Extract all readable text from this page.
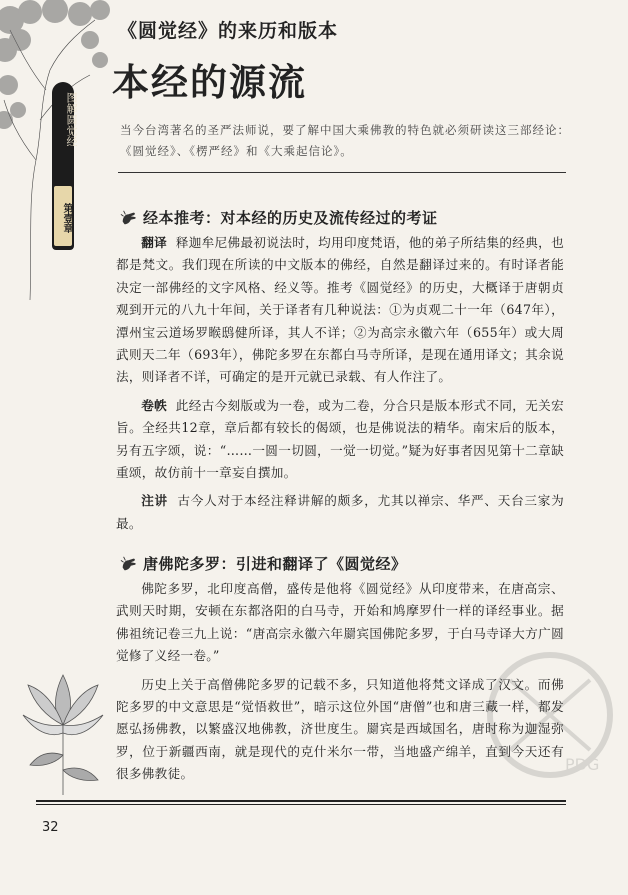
图解圆觉经
第壹章
《圆觉经》的来历和版本
本经的源流
当今台湾著名的圣严法师说，要了解中国大乘佛教的特色就必须研读这三部经论：《圆觉经》、《楞严经》和《大乘起信论》。
经本推考：对本经的历史及流传经过的考证

翻译 释迦牟尼佛最初说法时，均用印度梵语，他的弟子所结集的经典，也都是梵文。我们现在所读的中文版本的佛经，自然是翻译过来的。有时译者能决定一部佛经的文字风格、经义等。推考《圆觉经》的历史，大概译于唐朝贞观到开元的八九十年间，关于译者有几种说法：①为贞观二十一年（647年），潭州宝云道场罗睺鸱健所译，其人不详；②为高宗永徽六年（655年）或大周武则天二年（693年），佛陀多罗在东都白马寺所译，是现在通用译文；其余说法，则译者不详，可确定的是开元就已录载、有人作注了。

卷帙 此经古今刻版或为一卷，或为二卷，分合只是版本形式不同，无关宏旨。全经共12章，章后都有较长的偈颂，也是佛说法的精华。南宋后的版本，另有五字颂，说：“……一圆一切圆，一觉一切觉。”疑为好事者因见第十二章缺重颂，故仿前十一章妄自撰加。

注讲 古今人对于本经注释讲解的颇多，尤其以禅宗、华严、天台三家为最。

唐佛陀多罗：引进和翻译了《圆觉经》

佛陀多罗，北印度高僧，盛传是他将《圆觉经》从印度带来，在唐高宗、武则天时期，安顿在东都洛阳的白马寺，开始和鸠摩罗什一样的译经事业。据佛祖统记卷三九上说：“唐高宗永徽六年罽宾国佛陀多罗，于白马寺译大方广圆觉修了义经一卷。”

历史上关于高僧佛陀多罗的记载不多，只知道他将梵文译成了汉文。而佛陀多罗的中文意思是“觉悟救世”，暗示这位外国“唐僧”也和唐三藏一样，都发愿弘扬佛教，以繁盛汉地佛教，济世度生。罽宾是西域国名，唐时称为迦湿弥罗，位于新疆西南，就是现代的克什米尔一带，当地盛产绵羊，直到今天还有很多佛教徒。	PDG
32
